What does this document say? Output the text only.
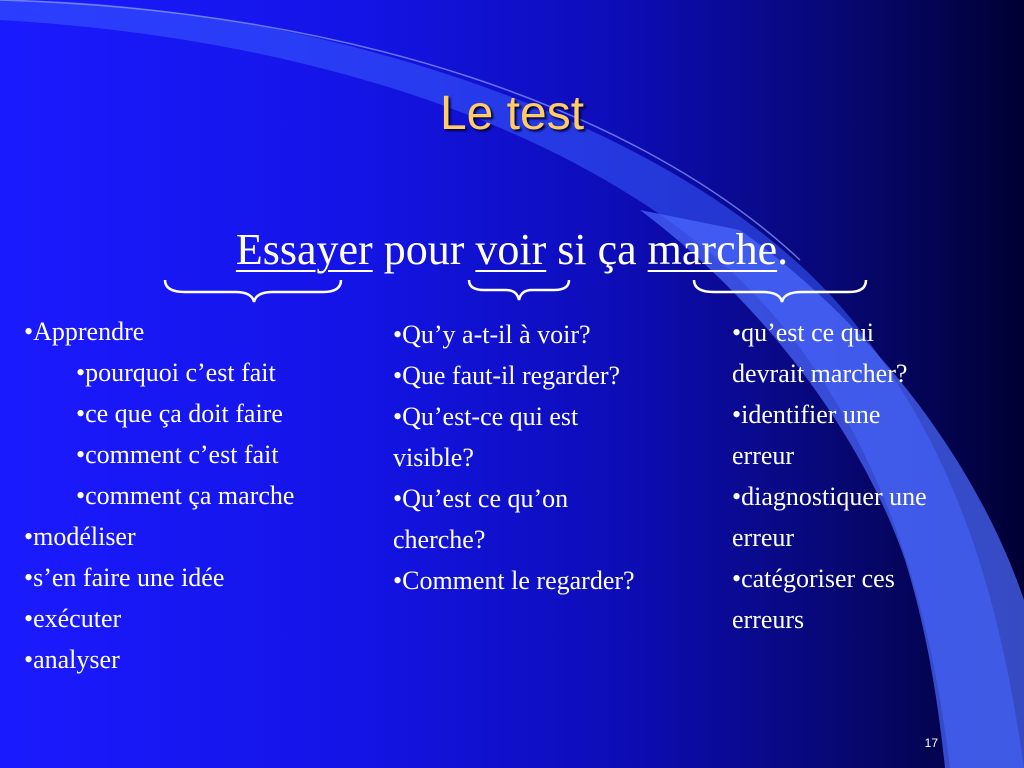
Le test
Essayer pour voir si ça marche.
•Apprendre
•pourquoi c’est fait
•ce que ça doit faire
•comment c’est fait
•comment ça marche
•modéliser
•s’en faire une idée
•exécuter
•analyser
•Qu’y a-t-il à voir?
•Que faut-il regarder?
•Qu’est-ce qui est
visible?
•Qu’est ce qu’on
cherche?
•Comment le regarder?
•qu’est ce qui
devrait marcher?
•identifier une
erreur
•diagnostiquer une
erreur
•catégoriser ces
erreurs
17
